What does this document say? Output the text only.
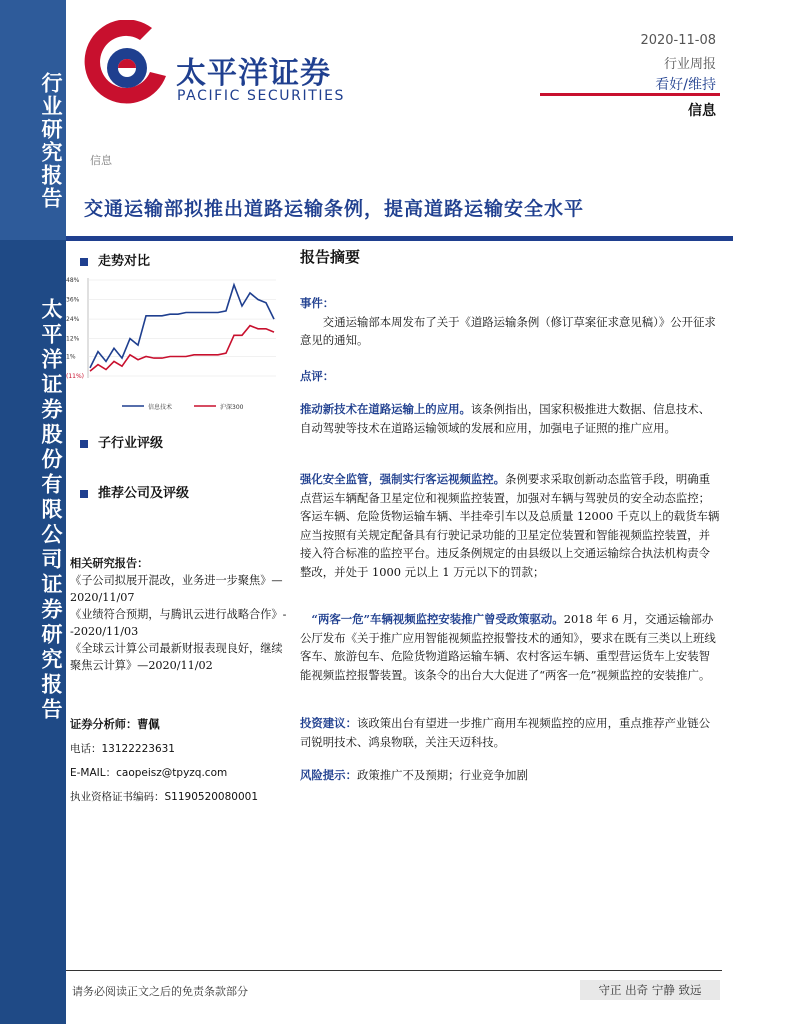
行业研究报告
太平洋证券股份有限公司证券研究报告
太平洋证券
PACIFIC SECURITIES
2020-11-08
行业周报
看好/维持
信息
信息
交通运输部拟推出道路运输条例，提高道路运输安全水平
走势对比
48%
36%
24%
12%
1%
(11%)
信息技术	沪深300
子行业评级
推荐公司及评级
相关研究报告：
《子公司拟展开混改，业务进一步聚焦》—2020/11/07
《业绩符合预期，与腾讯云进行战略合作》--2020/11/03
《全球云计算公司最新财报表现良好，继续聚焦云计算》—2020/11/02
证券分析师：曹佩
电话：13122223631
E-MAIL：caopeisz@tpyzq.com
执业资格证书编码：S1190520080001
报告摘要
事件：
交通运输部本周发布了关于《道路运输条例（修订草案征求意见稿）》公开征求意见的通知。
点评：
推动新技术在道路运输上的应用。该条例指出，国家积极推进大数据、信息技术、自动驾驶等技术在道路运输领域的发展和应用，加强电子证照的推广应用。
强化安全监管，强制实行客运视频监控。条例要求采取创新动态监管手段，明确重点营运车辆配备卫星定位和视频监控装置，加强对车辆与驾驶员的安全动态监控；客运车辆、危险货物运输车辆、半挂牵引车以及总质量 12000 千克以上的载货车辆应当按照有关规定配备具有行驶记录功能的卫星定位装置和智能视频监控装置，并接入符合标准的监控平台。违反条例规定的由县级以上交通运输综合执法机构责令整改，并处于 1000 元以上 1 万元以下的罚款；
“两客一危”车辆视频监控安装推广曾受政策驱动。2018 年 6 月，交通运输部办公厅发布《关于推广应用智能视频监控报警技术的通知》，要求在既有三类以上班线客车、旅游包车、危险货物道路运输车辆、农村客运车辆、重型营运货车上安装智能视频监控报警装置。该条令的出台大大促进了“两客一危”视频监控的安装推广。
投资建议：该政策出台有望进一步推广商用车视频监控的应用，重点推荐产业链公司锐明技术、鸿泉物联，关注天迈科技。
风险提示：政策推广不及预期；行业竞争加剧
请务必阅读正文之后的免责条款部分	守正 出奇 宁静 致远
